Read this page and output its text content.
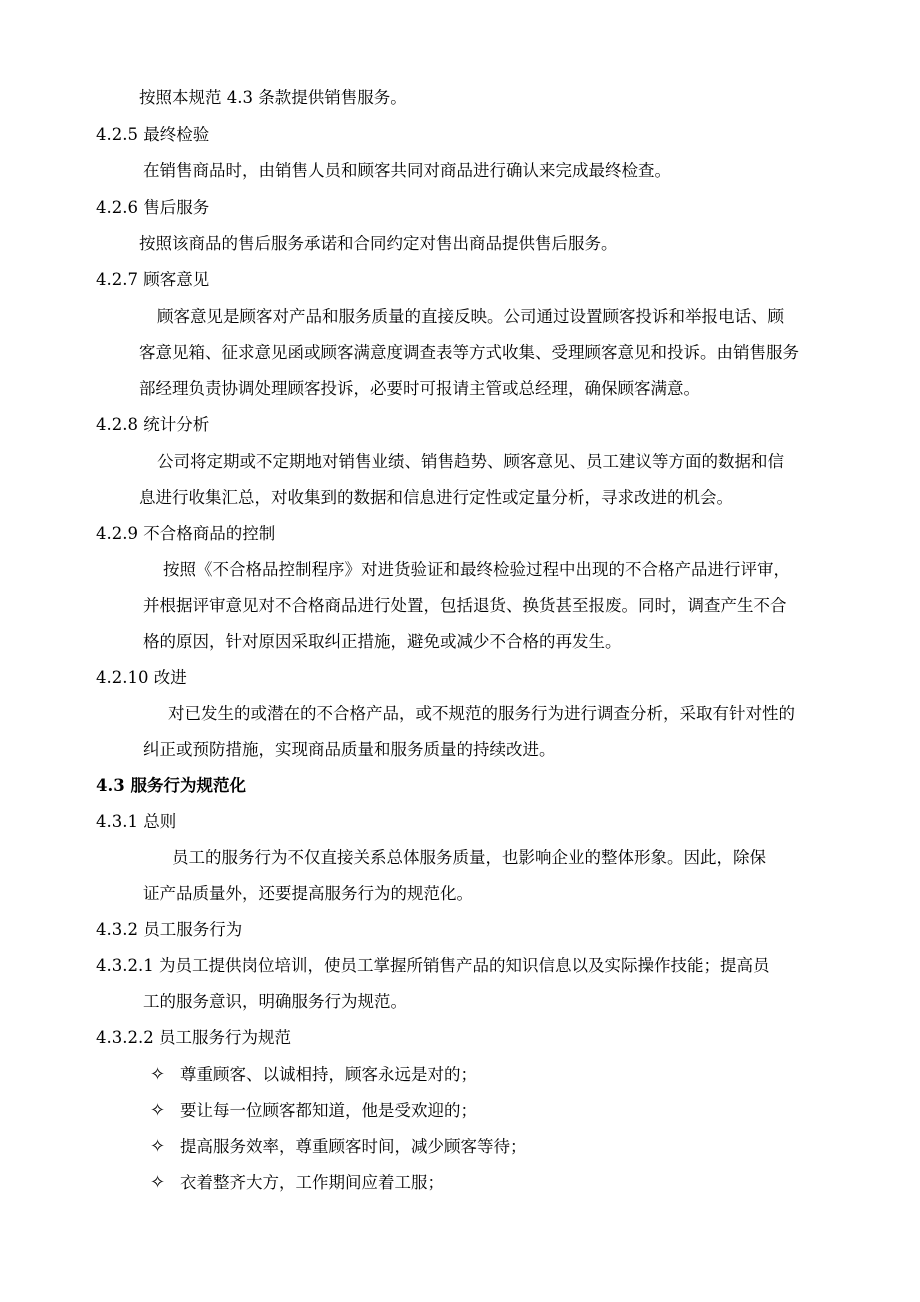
按照本规范 4.3 条款提供销售服务。

4.2.5 最终检验

在销售商品时，由销售人员和顾客共同对商品进行确认来完成最终检查。

4.2.6 售后服务

按照该商品的售后服务承诺和合同约定对售出商品提供售后服务。

4.2.7 顾客意见

顾客意见是顾客对产品和服务质量的直接反映。公司通过设置顾客投诉和举报电话、顾

客意见箱、征求意见函或顾客满意度调查表等方式收集、受理顾客意见和投诉。由销售服务

部经理负责协调处理顾客投诉，必要时可报请主管或总经理，确保顾客满意。

4.2.8 统计分析

公司将定期或不定期地对销售业绩、销售趋势、顾客意见、员工建议等方面的数据和信

息进行收集汇总，对收集到的数据和信息进行定性或定量分析，寻求改进的机会。

4.2.9 不合格商品的控制

按照《不合格品控制程序》对进货验证和最终检验过程中出现的不合格产品进行评审，

并根据评审意见对不合格商品进行处置，包括退货、换货甚至报废。同时，调查产生不合

格的原因，针对原因采取纠正措施，避免或减少不合格的再发生。

4.2.10 改进

对已发生的或潜在的不合格产品，或不规范的服务行为进行调查分析，采取有针对性的

纠正或预防措施，实现商品质量和服务质量的持续改进。

4.3 服务行为规范化

4.3.1 总则

员工的服务行为不仅直接关系总体服务质量，也影响企业的整体形象。因此，除保

证产品质量外，还要提高服务行为的规范化。

4.3.2 员工服务行为

4.3.2.1 为员工提供岗位培训，使员工掌握所销售产品的知识信息以及实际操作技能；提高员

工的服务意识，明确服务行为规范。

4.3.2.2 员工服务行为规范

✧ 尊重顾客、以诚相持，顾客永远是对的；

✧ 要让每一位顾客都知道，他是受欢迎的；

✧ 提高服务效率，尊重顾客时间，减少顾客等待；

✧ 衣着整齐大方，工作期间应着工服；
